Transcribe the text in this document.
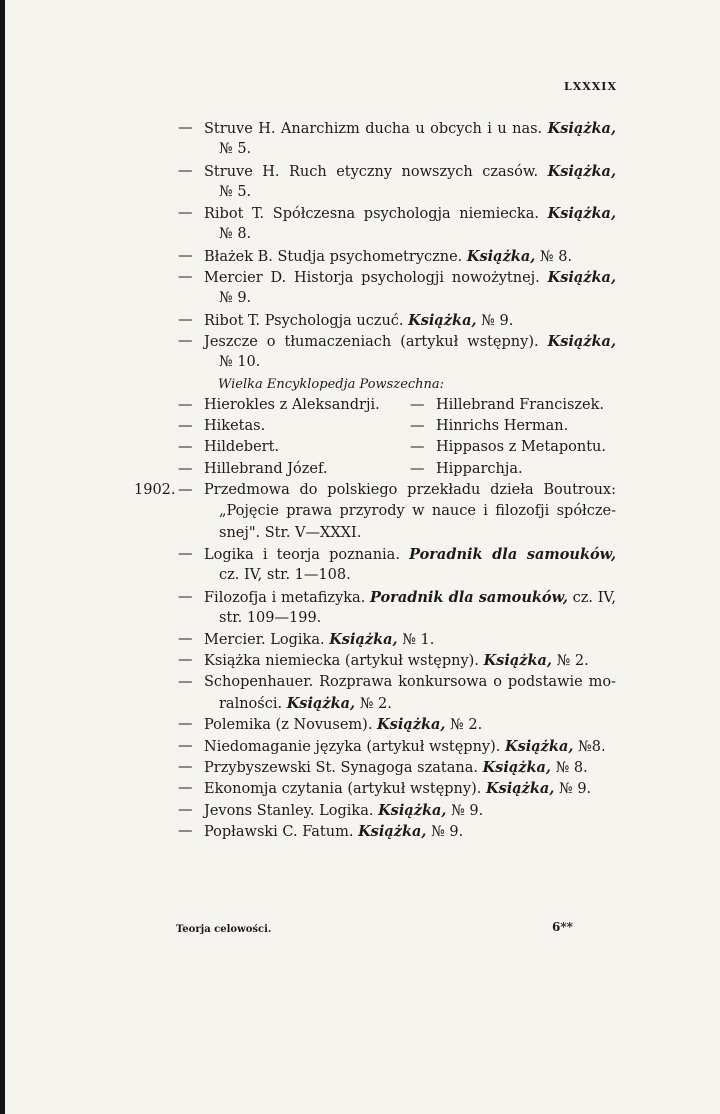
LXXXIX
— Struve H. Anarchizm ducha u obcych i u nas. Książka,
№ 5.
— Struve H. Ruch etyczny nowszych czasów. Książka,
№ 5.
— Ribot T. Spółczesna psychologja niemiecka. Książka,
№ 8.
— Błażek B. Studja psychometryczne. Książka, № 8.
— Mercier D. Historja psychologji nowożytnej. Książka,
№ 9.
— Ribot T. Psychologja uczuć. Książka, № 9.
— Jeszcze o tłumaczeniach (artykuł wstępny). Książka,
№ 10.
Wielka Encyklopedja Powszechna:
— Hierokles z Aleksandrji. — Hillebrand Franciszek.
— Hiketas.	— Hinrichs Herman.
— Hildebert.	— Hippasos z Metapontu.
— Hillebrand Józef.	— Hipparchja.
1902. — Przedmowa do polskiego przekładu dzieła Boutroux:
„Pojęcie prawa przyrody w nauce i filozofji spółcze-
snej". Str. V—XXXI.
— Logika i teorja poznania. Poradnik dla samouków,
cz. IV, str. 1—108.
— Filozofja i metafizyka. Poradnik dla samouków, cz. IV,
str. 109—199.
— Mercier. Logika. Książka, № 1.
— Książka niemiecka (artykuł wstępny). Książka, № 2.
— Schopenhauer. Rozprawa konkursowa o podstawie mo-
ralności. Książka, № 2.
— Polemika (z Novusem). Książka, № 2.
— Niedomaganie języka (artykuł wstępny). Książka, №8.
— Przybyszewski St. Synagoga szatana. Książka, № 8.
— Ekonomja czytania (artykuł wstępny). Książka, № 9.
— Jevons Stanley. Logika. Książka, № 9.
— Popławski C. Fatum. Książka, № 9.
Teorja celowości.	6**
